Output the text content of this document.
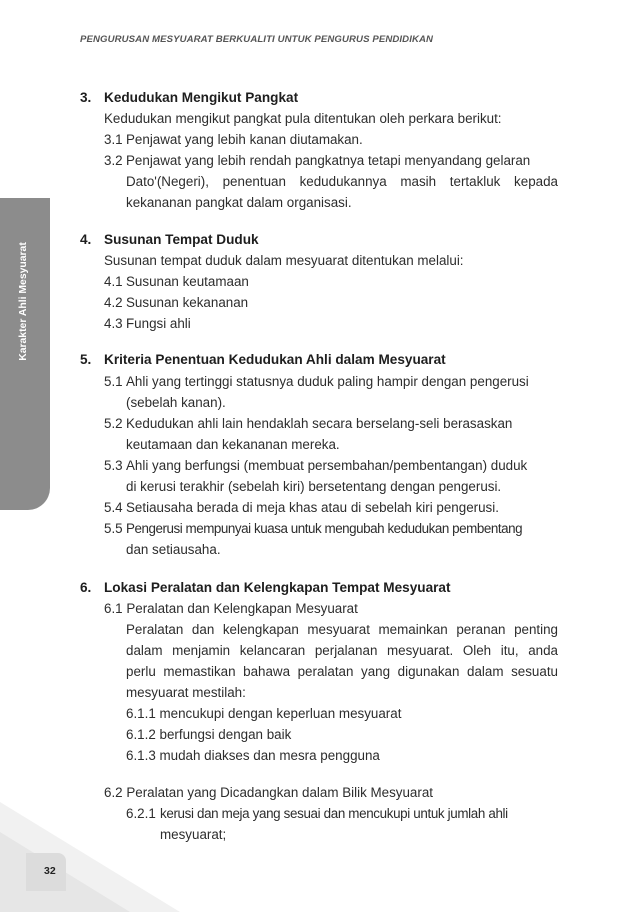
PENGURUSAN MESYUARAT BERKUALITI UNTUK PENGURUS PENDIDIKAN
Karakter Ahli Mesyuarat
32
3. Kedudukan Mengikut Pangkat
Kedudukan mengikut pangkat pula ditentukan oleh perkara berikut:
3.1 Penjawat yang lebih kanan diutamakan.
3.2 Penjawat yang lebih rendah pangkatnya tetapi menyandang gelaran
Dato'(Negeri), penentuan kedudukannya masih tertakluk kepada
kekananan pangkat dalam organisasi.
4. Susunan Tempat Duduk
Susunan tempat duduk dalam mesyuarat ditentukan melalui:
4.1 Susunan keutamaan
4.2 Susunan kekananan
4.3 Fungsi ahli
5. Kriteria Penentuan Kedudukan Ahli dalam Mesyuarat
5.1 Ahli yang tertinggi statusnya duduk paling hampir dengan pengerusi
(sebelah kanan).
5.2 Kedudukan ahli lain hendaklah secara berselang-seli berasaskan
keutamaan dan kekananan mereka.
5.3 Ahli yang berfungsi (membuat persembahan/pembentangan) duduk
di kerusi terakhir (sebelah kiri) bersetentang dengan pengerusi.
5.4 Setiausaha berada di meja khas atau di sebelah kiri pengerusi.
5.5 Pengerusi mempunyai kuasa untuk mengubah kedudukan pembentang
dan setiausaha.
6. Lokasi Peralatan dan Kelengkapan Tempat Mesyuarat
6.1 Peralatan dan Kelengkapan Mesyuarat
Peralatan dan kelengkapan mesyuarat memainkan peranan penting
dalam menjamin kelancaran perjalanan mesyuarat. Oleh itu, anda
perlu memastikan bahawa peralatan yang digunakan dalam sesuatu
mesyuarat mestilah:
6.1.1 mencukupi dengan keperluan mesyuarat
6.1.2 berfungsi dengan baik
6.1.3 mudah diakses dan mesra pengguna
6.2 Peralatan yang Dicadangkan dalam Bilik Mesyuarat
6.2.1 kerusi dan meja yang sesuai dan mencukupi untuk jumlah ahli
mesyuarat;
